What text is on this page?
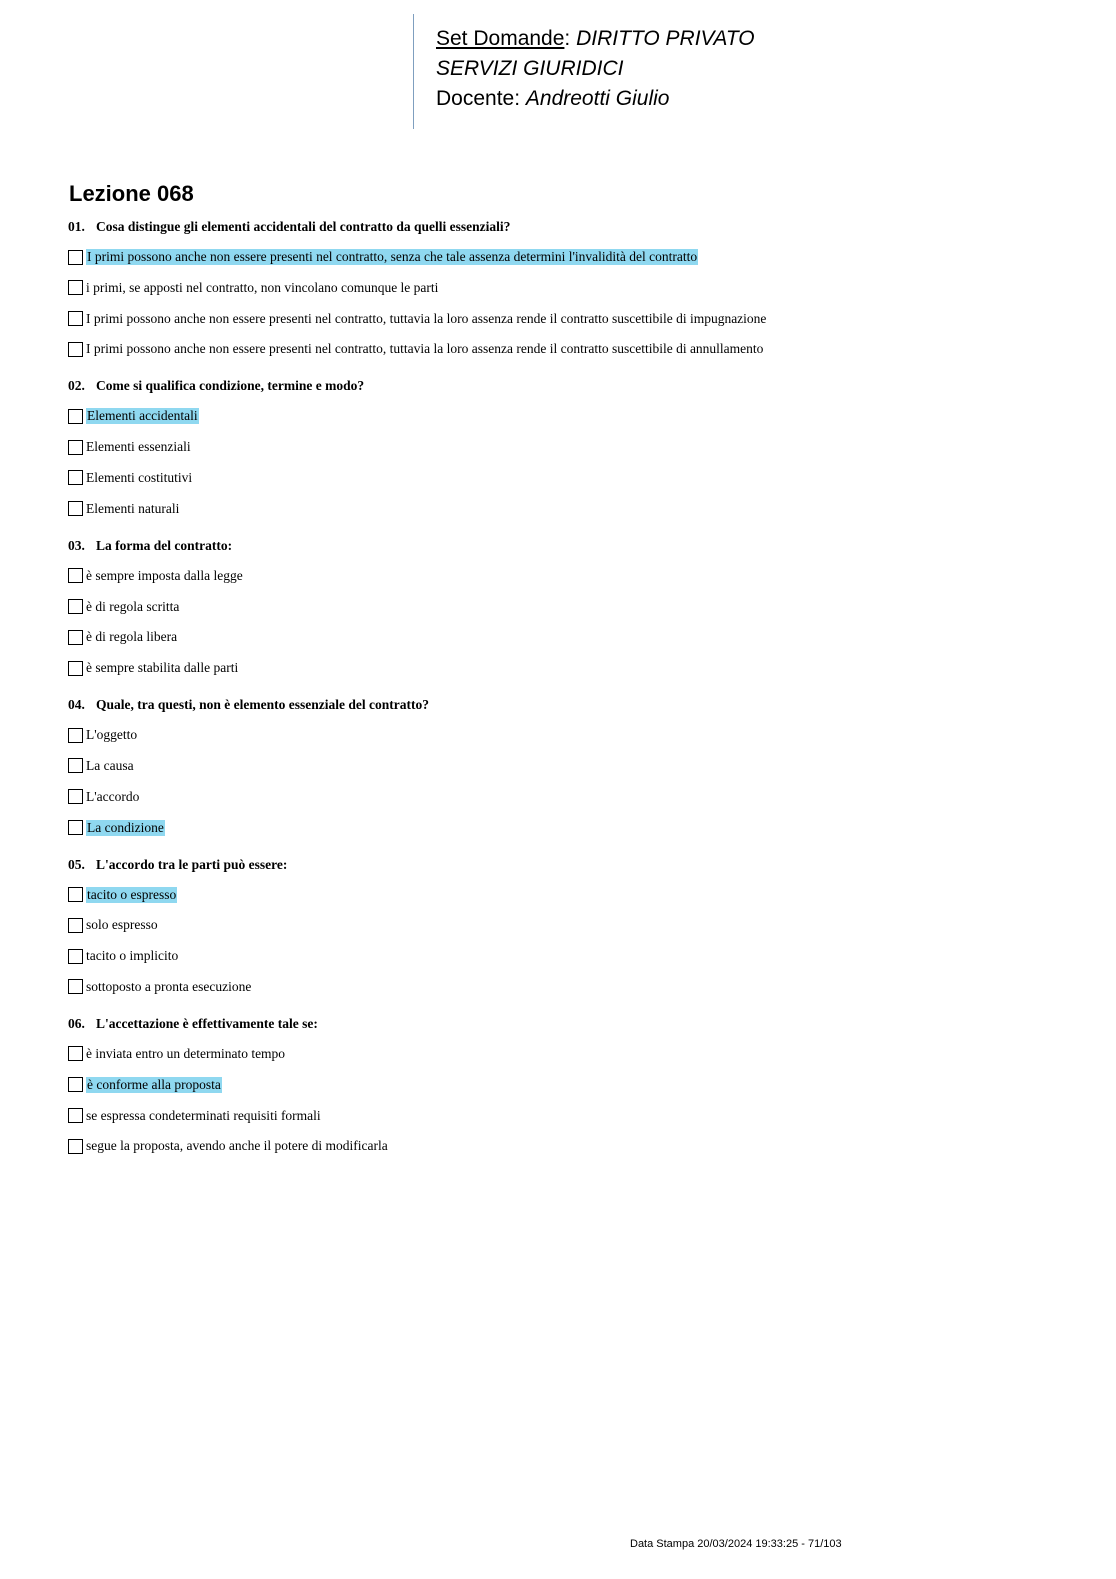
Set Domande: DIRITTO PRIVATO
SERVIZI GIURIDICI
Docente: Andreotti Giulio
Lezione 068
01. Cosa distingue gli elementi accidentali del contratto da quelli essenziali?
I primi possono anche non essere presenti nel contratto, senza che tale assenza determini l'invalidità del contratto
i primi, se apposti nel contratto, non vincolano comunque le parti
I primi possono anche non essere presenti nel contratto, tuttavia la loro assenza rende il contratto suscettibile di impugnazione
I primi possono anche non essere presenti nel contratto, tuttavia la loro assenza rende il contratto suscettibile di annullamento
02. Come si qualifica condizione, termine e modo?
Elementi accidentali
Elementi essenziali
Elementi costitutivi
Elementi naturali
03. La forma del contratto:
è sempre imposta dalla legge
è di regola scritta
è di regola libera
è sempre stabilita dalle parti
04. Quale, tra questi, non è elemento essenziale del contratto?
L'oggetto
La causa
L'accordo
La condizione
05. L'accordo tra le parti può essere:
tacito o espresso
solo espresso
tacito o implicito
sottoposto a pronta esecuzione
06. L'accettazione è effettivamente tale se:
è inviata entro un determinato tempo
è conforme alla proposta
se espressa condeterminati requisiti formali
segue la proposta, avendo anche il potere di modificarla
Data Stampa 20/03/2024 19:33:25 - 71/103
